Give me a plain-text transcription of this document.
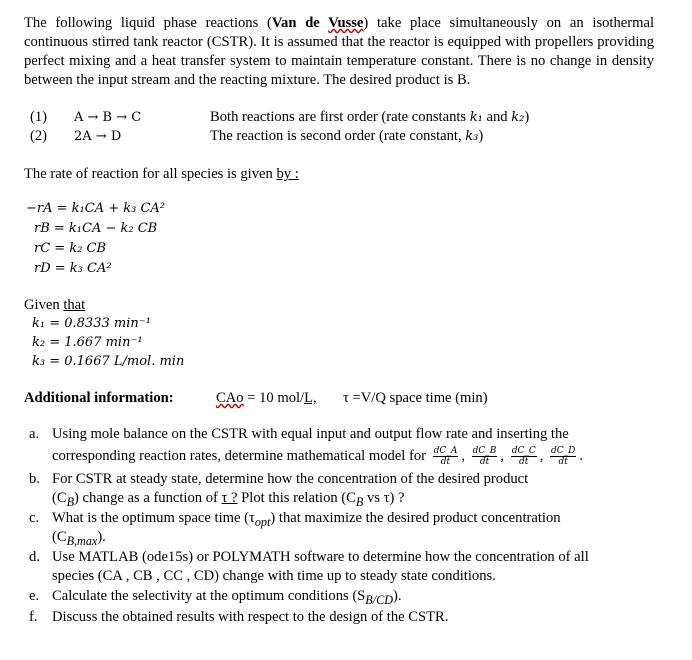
The following liquid phase reactions (Van de Vusse) take place simultaneously on an isothermal continuous stirred tank reactor (CSTR). It is assumed that the reactor is equipped with propellers providing perfect mixing and a heat transfer system to maintain temperature constant. There is no change in density between the input stream and the reacting mixture. The desired product is B.
(1) A → B → C	Both reactions are first order (rate constants k₁ and k₂)
(2) 2A → D	The reaction is second order (rate constant, k₃)
The rate of reaction for all species is given by :
−rA = k₁CA + k₃ CA²
rB = k₁CA − k₂ CB
rC = k₂ CB
rD = k₃ CA²
Given that
k₁ = 0.8333 min⁻¹
k₂ = 1.667 min⁻¹
k₃ = 0.1667 L/mol. min
Additional information:	CAo = 10 mol/L, τ =V/Q space time (min)
a. Using mole balance on the CSTR with equal input and output flow rate and inserting the
corresponding reaction rates, determine mathematical model for $\frac{dC\_A}{dt}$ , $\frac{dC\_B}{dt}$ , $\frac{dC\_C}{dt}$ , $\frac{dC\_D}{dt}$ .
b. For CSTR at steady state, determine how the concentration of the desired product
$(C_B)$ change as a function of τ ? Plot this relation ($C_B$ vs τ) ?
c. What is the optimum space time $(\tau_{opt})$ that maximize the desired product concentration
$(C_{B,max})$.
d. Use MATLAB (ode15s) or POLYMATH software to determine how the concentration of all
species (CA , CB , CC , CD) change with time up to steady state conditions.
e. Calculate the selectivity at the optimum conditions $(S_{B/CD})$.
f. Discuss the obtained results with respect to the design of the CSTR.
